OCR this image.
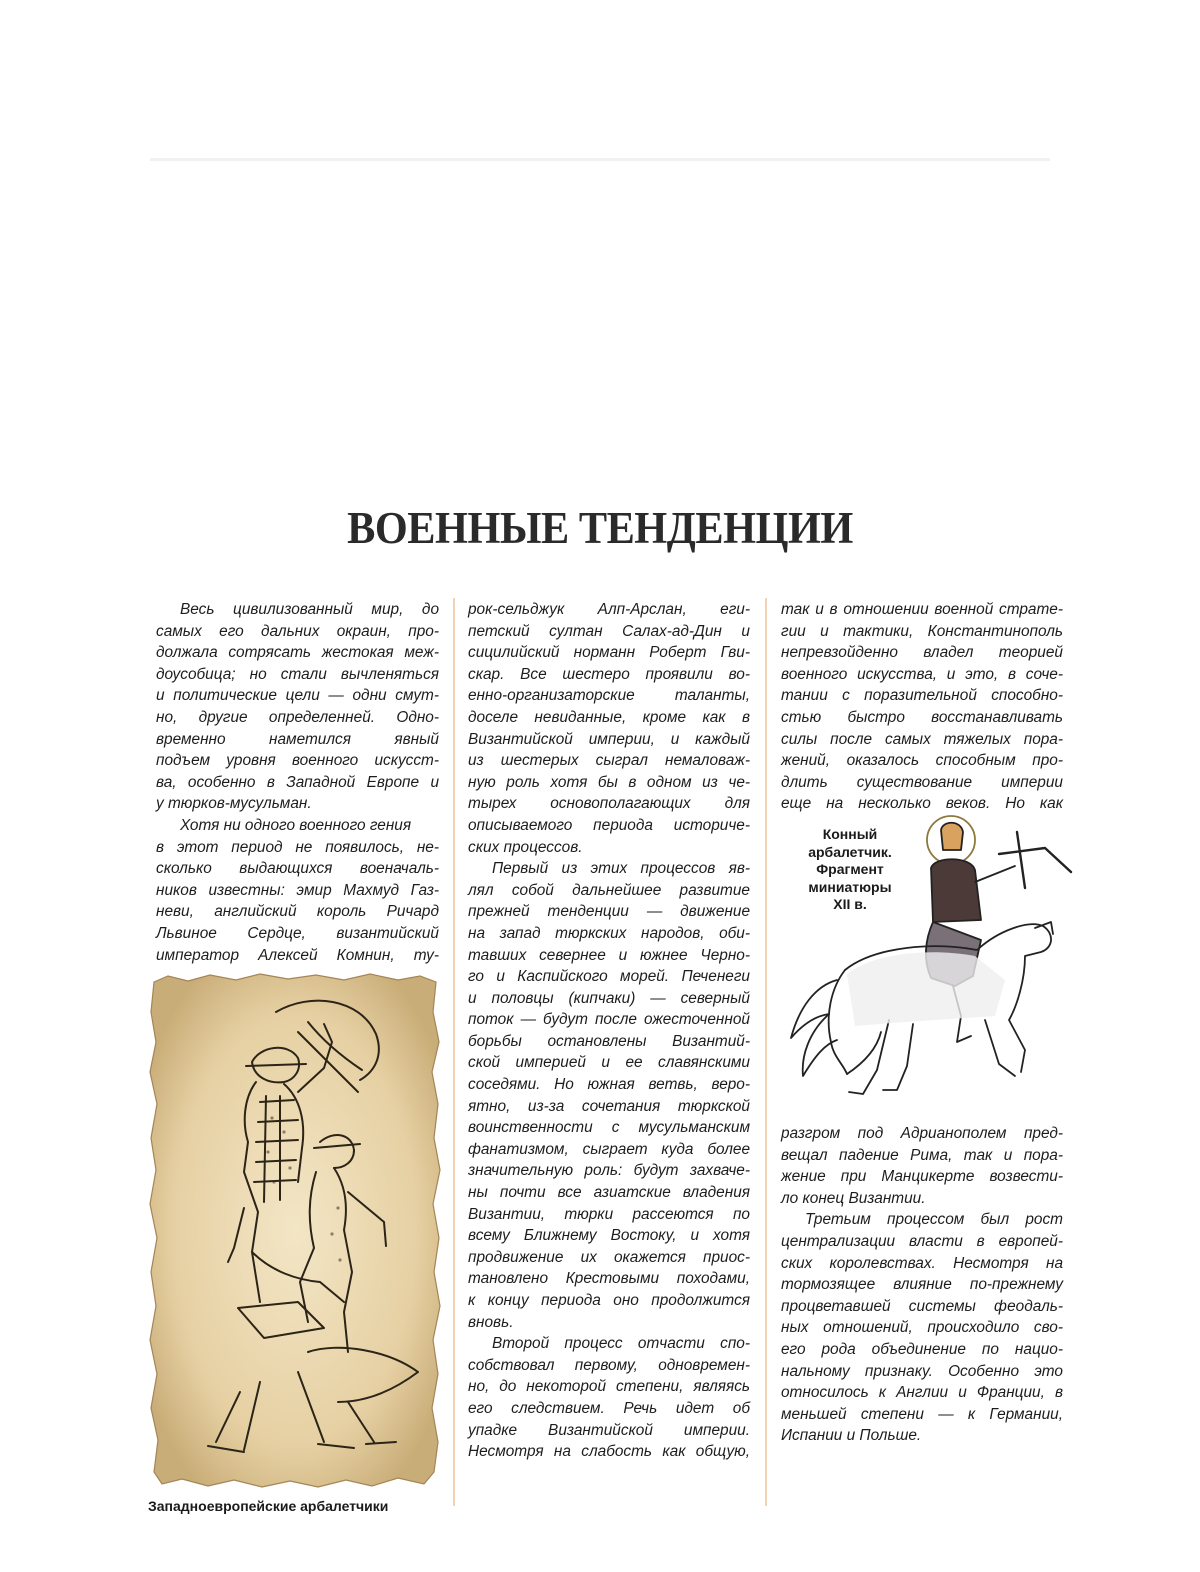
ВОЕННЫЕ ТЕНДЕНЦИИ
Весь цивилизованный мир, до
самых его дальних окраин, про-
должала сотрясать жестокая меж-
доусобица; но стали вычленяться
и политические цели — одни смут-
но, другие определенней. Одно-
временно наметился явный
подъем уровня военного искусст-
ва, особенно в Западной Европе и
у тюрков-мусульман.
Хотя ни одного военного гения
в этот период не появилось, не-
сколько выдающихся военачаль-
ников известны: эмир Махмуд Газ-
неви, английский король Ричард
Львиное Сердце, византийский
император Алексей Комнин, ту-
Западноевропейские арбалетчики
рок-сельджук Алп-Арслан, еги-
петский султан Салах-ад-Дин и
сицилийский норманн Роберт Гви-
скар. Все шестеро проявили во-
енно-организаторские таланты,
доселе невиданные, кроме как в
Византийской империи, и каждый
из шестерых сыграл немаловаж-
ную роль хотя бы в одном из че-
тырех основополагающих для
описываемого периода историче-
ских процессов.
Первый из этих процессов яв-
лял собой дальнейшее развитие
прежней тенденции — движение
на запад тюркских народов, оби-
тавших севернее и южнее Черно-
го и Каспийского морей. Печенеги
и половцы (кипчаки) — северный
поток — будут после ожесточенной
борьбы остановлены Византий-
ской империей и ее славянскими
соседями. Но южная ветвь, веро-
ятно, из-за сочетания тюркской
воинственности с мусульманским
фанатизмом, сыграет куда более
значительную роль: будут захваче-
ны почти все азиатские владения
Византии, тюрки рассеются по
всему Ближнему Востоку, и хотя
продвижение их окажется приос-
тановлено Крестовыми походами,
к концу периода оно продолжится
вновь.
Второй процесс отчасти спо-
собствовал первому, одновремен-
но, до некоторой степени, являясь
его следствием. Речь идет об
упадке Византийской империи.
Несмотря на слабость как общую,
так и в отношении военной страте-
гии и тактики, Константинополь
непревзойденно владел теорией
военного искусства, и это, в соче-
тании с поразительной способно-
стью быстро восстанавливать
силы после самых тяжелых пора-
жений, оказалось способным про-
длить существование империи
еще на несколько веков. Но как
Конный
арбалетчик.
Фрагмент
миниатюры
XII в.
разгром под Адрианополем пред-
вещал падение Рима, так и пора-
жение при Манцикерте возвести-
ло конец Византии.
Третьим процессом был рост
централизации власти в европей-
ских королевствах. Несмотря на
тормозящее влияние по-прежнему
процветавшей системы феодаль-
ных отношений, происходило сво-
его рода объединение по нацио-
нальному признаку. Особенно это
относилось к Англии и Франции, в
меньшей степени — к Германии,
Испании и Польше.
